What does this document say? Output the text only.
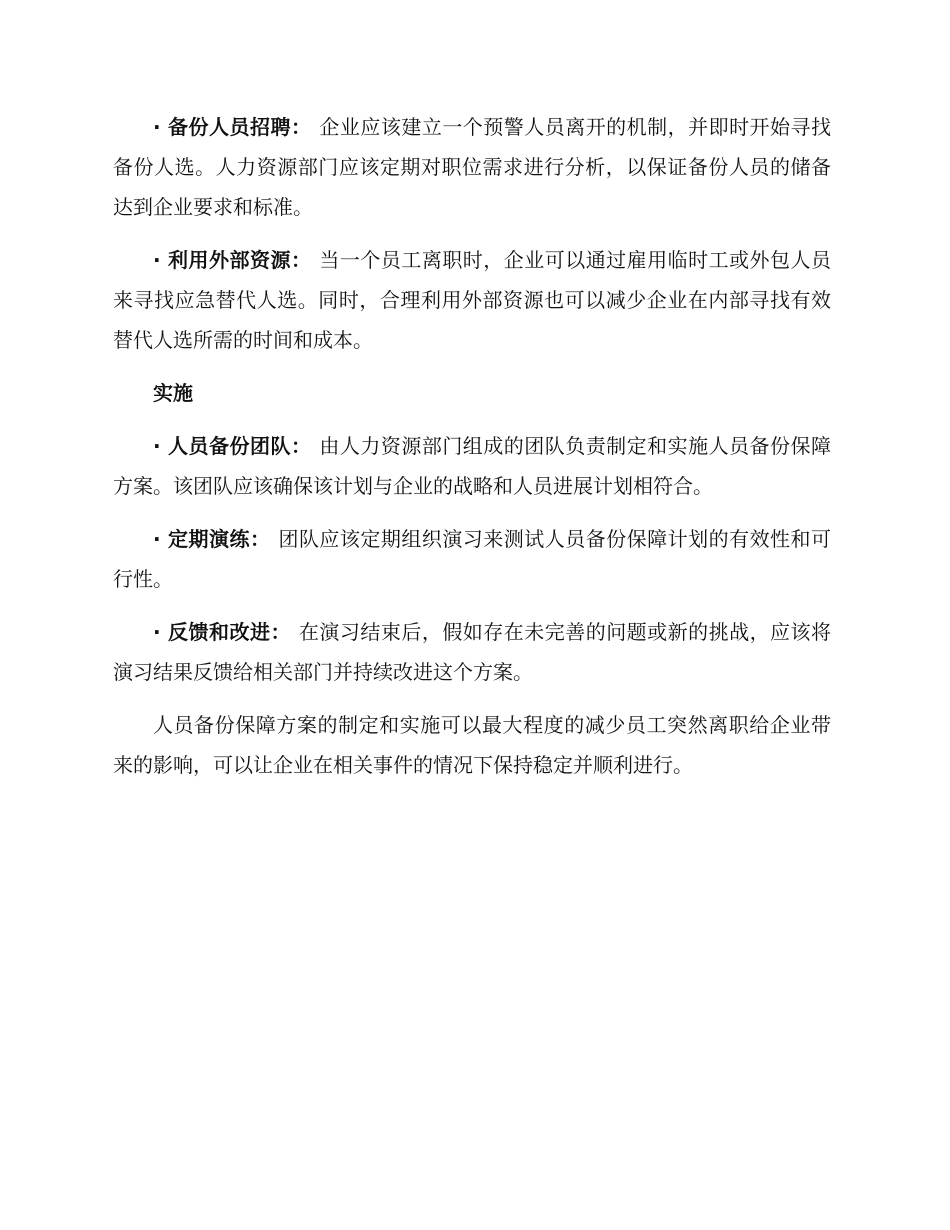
· 备份人员招聘： 企业应该建立一个预警人员离开的机制，并即时开始寻找备份人选。人力资源部门应该定期对职位需求进行分析，以保证备份人员的储备达到企业要求和标准。

· 利用外部资源： 当一个员工离职时，企业可以通过雇用临时工或外包人员来寻找应急替代人选。同时，合理利用外部资源也可以减少企业在内部寻找有效替代人选所需的时间和成本。

实施

· 人员备份团队： 由人力资源部门组成的团队负责制定和实施人员备份保障方案。该团队应该确保该计划与企业的战略和人员进展计划相符合。

· 定期演练： 团队应该定期组织演习来测试人员备份保障计划的有效性和可行性。

· 反馈和改进： 在演习结束后，假如存在未完善的问题或新的挑战，应该将演习结果反馈给相关部门并持续改进这个方案。

人员备份保障方案的制定和实施可以最大程度的减少员工突然离职给企业带来的影响，可以让企业在相关事件的情况下保持稳定并顺利进行。
